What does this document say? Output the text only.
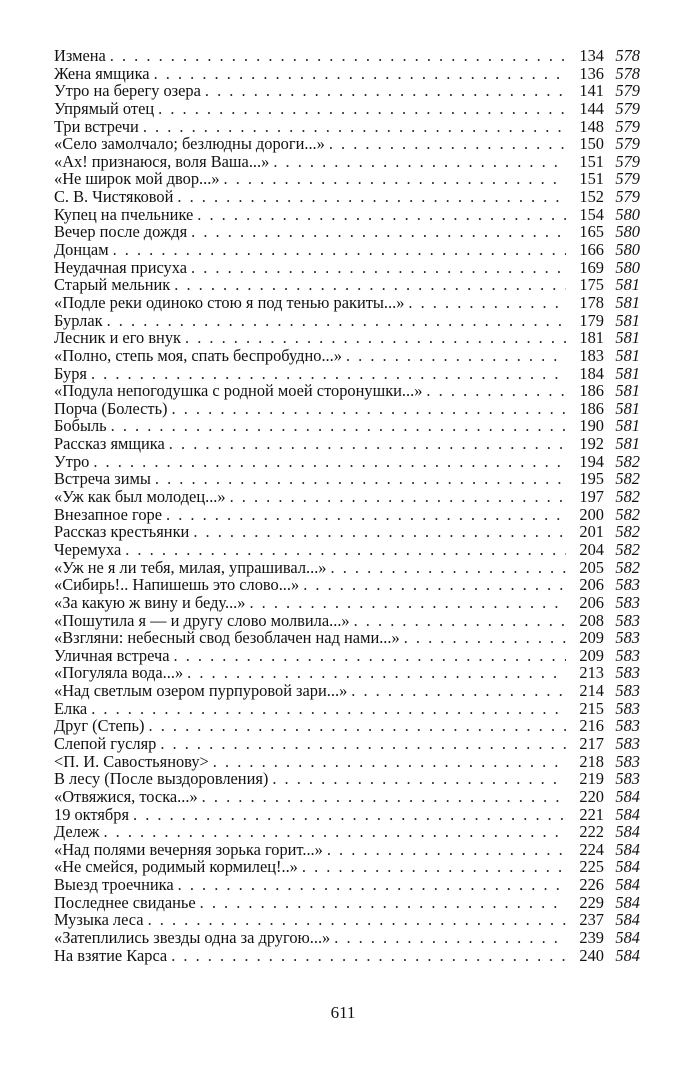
Измена . . .	134 578
Жена ямщика . . .	136 578
Утро на берегу озера . . .	141 579
Упрямый отец . . .	144 579
Три встречи . . .	148 579
«Село замолчало; безлюдны дороги...» . . .	150 579
«Ах! признаюся, воля Ваша...» . . .	151 579
«Не широк мой двор...» . . .	151 579
С. В. Чистяковой . . .	152 579
Купец на пчельнике . . .	154 580
Вечер после дождя . . .	165 580
Донцам . . .	166 580
Неудачная присуха . . .	169 580
Старый мельник . . .	175 581
«Подле реки одиноко стою я под тенью ракиты...» . . .	178 581
Бурлак . . .	179 581
Лесник и его внук . . .	181 581
«Полно, степь моя, спать беспробудно...» . . .	183 581
Буря . . .	184 581
«Подула непогодушка с родной моей сторонушки...» . . .	186 581
Порча (Болесть) . . .	186 581
Бобыль . . .	190 581
Рассказ ямщика . . .	192 581
Утро . . .	194 582
Встреча зимы . . .	195 582
«Уж как был молодец...» . . .	197 582
Внезапное горе . . .	200 582
Рассказ крестьянки . . .	201 582
Черемуха . . .	204 582
«Уж не я ли тебя, милая, упрашивал...» . . .	205 582
«Сибирь!.. Напишешь это слово...» . . .	206 583
«За какую ж вину и беду...» . . .	206 583
«Пошутила я — и другу слово молвила...» . . .	208 583
«Взгляни: небесный свод безоблачен над нами...» . . .	209 583
Уличная встреча . . .	209 583
«Погуляла вода...» . . .	213 583
«Над светлым озером пурпуровой зари...» . . .	214 583
Елка . . .	215 583
Друг (Степь) . . .	216 583
Слепой гусляр . . .	217 583
<П. И. Савостьянову> . . .	218 583
В лесу (После выздоровления) . . .	219 583
«Отвяжися, тоска...» . . .	220 584
19 октября . . .	221 584
Дележ . . .	222 584
«Над полями вечерняя зорька горит...» . . .	224 584
«Не смейся, родимый кормилец!..» . . .	225 584
Выезд троечника . . .	226 584
Последнее свиданье . . .	229 584
Музыка леса . . .	237 584
«Затеплились звезды одна за другою...» . . .	239 584
На взятие Карса . . .	240 584
611
